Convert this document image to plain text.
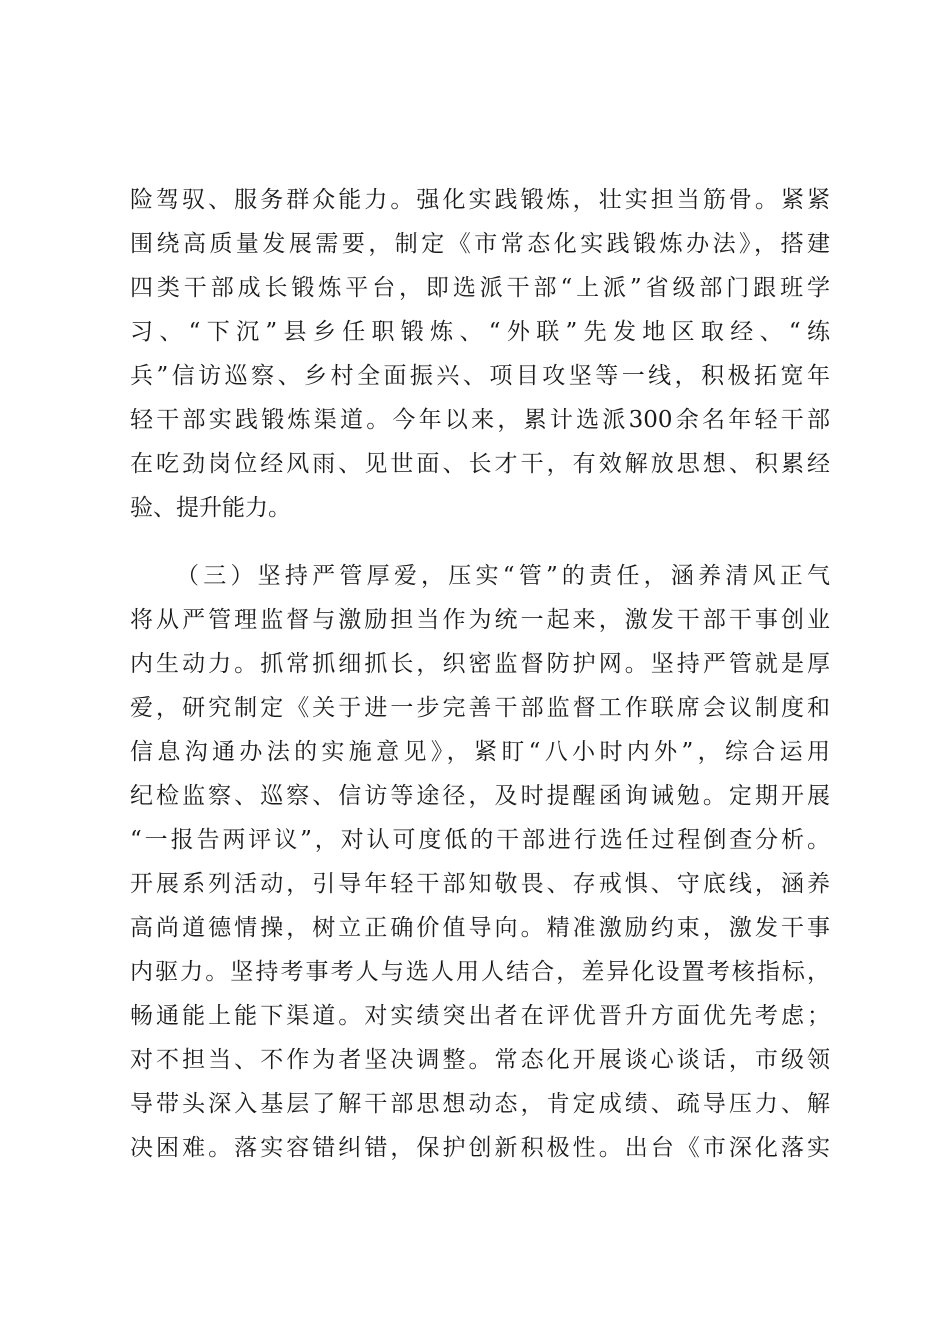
险驾驭、服务群众能力。强化实践锻炼，壮实担当筋骨。紧紧
围绕高质量发展需要，制定《市常态化实践锻炼办法》，搭建
四类干部成长锻炼平台，即选派干部“上派”省级部门跟班学
习、“下沉”县乡任职锻炼、“外联”先发地区取经、“练
兵”信访巡察、乡村全面振兴、项目攻坚等一线，积极拓宽年
轻干部实践锻炼渠道。今年以来，累计选派300余名年轻干部
在吃劲岗位经风雨、见世面、长才干，有效解放思想、积累经
验、提升能力。
（三）坚持严管厚爱，压实“管”的责任，涵养清风正气
将从严管理监督与激励担当作为统一起来，激发干部干事创业
内生动力。抓常抓细抓长，织密监督防护网。坚持严管就是厚
爱，研究制定《关于进一步完善干部监督工作联席会议制度和
信息沟通办法的实施意见》，紧盯“八小时内外”，综合运用
纪检监察、巡察、信访等途径，及时提醒函询诫勉。定期开展
“一报告两评议”，对认可度低的干部进行选任过程倒查分析。
开展系列活动，引导年轻干部知敬畏、存戒惧、守底线，涵养
高尚道德情操，树立正确价值导向。精准激励约束，激发干事
内驱力。坚持考事考人与选人用人结合，差异化设置考核指标，
畅通能上能下渠道。对实绩突出者在评优晋升方面优先考虑；
对不担当、不作为者坚决调整。常态化开展谈心谈话，市级领
导带头深入基层了解干部思想动态，肯定成绩、疏导压力、解
决困难。落实容错纠错，保护创新积极性。出台《市深化落实
